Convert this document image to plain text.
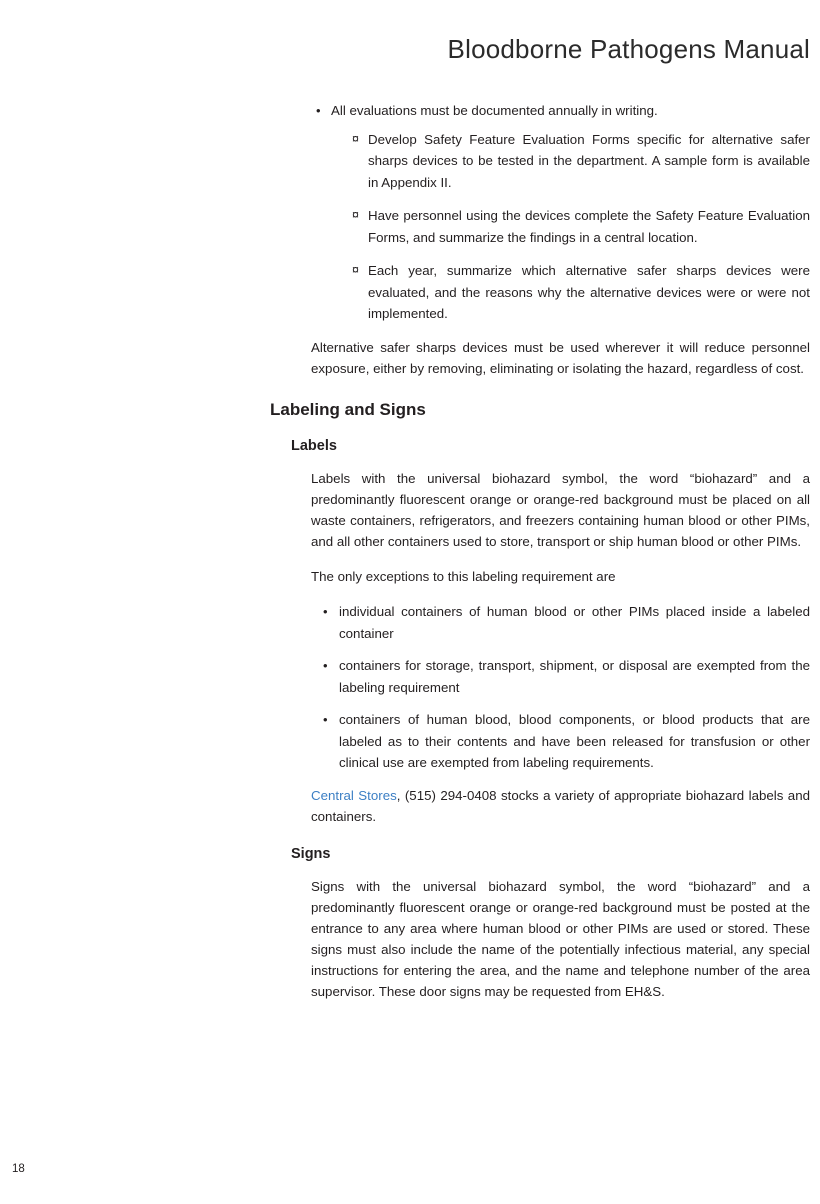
Bloodborne Pathogens Manual
• All evaluations must be documented annually in writing.

¤ Develop Safety Feature Evaluation Forms specific for alternative safer sharps devices to be tested in the department. A sample form is available in Appendix II.

¤ Have personnel using the devices complete the Safety Feature Evaluation Forms, and summarize the findings in a central location.

¤ Each year, summarize which alternative safer sharps devices were evaluated, and the reasons why the alternative devices were or were not implemented.

Alternative safer sharps devices must be used wherever it will reduce personnel exposure, either by removing, eliminating or isolating the hazard, regardless of cost.

Labeling and Signs
Labels

Labels with the universal biohazard symbol, the word “biohazard” and a predominantly fluorescent orange or orange-red background must be placed on all waste containers, refrigerators, and freezers containing human blood or other PIMs, and all other containers used to store, transport or ship human blood or other PIMs.

The only exceptions to this labeling requirement are

• individual containers of human blood or other PIMs placed inside a labeled container

• containers for storage, transport, shipment, or disposal are exempted from the labeling requirement

• containers of human blood, blood components, or blood products that are labeled as to their contents and have been released for transfusion or other clinical use are exempted from labeling requirements.

Central Stores, (515) 294-0408 stocks a variety of appropriate biohazard labels and containers.

Signs

Signs with the universal biohazard symbol, the word “biohazard” and a predominantly fluorescent orange or orange-red background must be posted at the entrance to any area where human blood or other PIMs are used or stored. These signs must also include the name of the potentially infectious material, any special instructions for entering the area, and the name and telephone number of the area supervisor. These door signs may be requested from EH&S.

18
